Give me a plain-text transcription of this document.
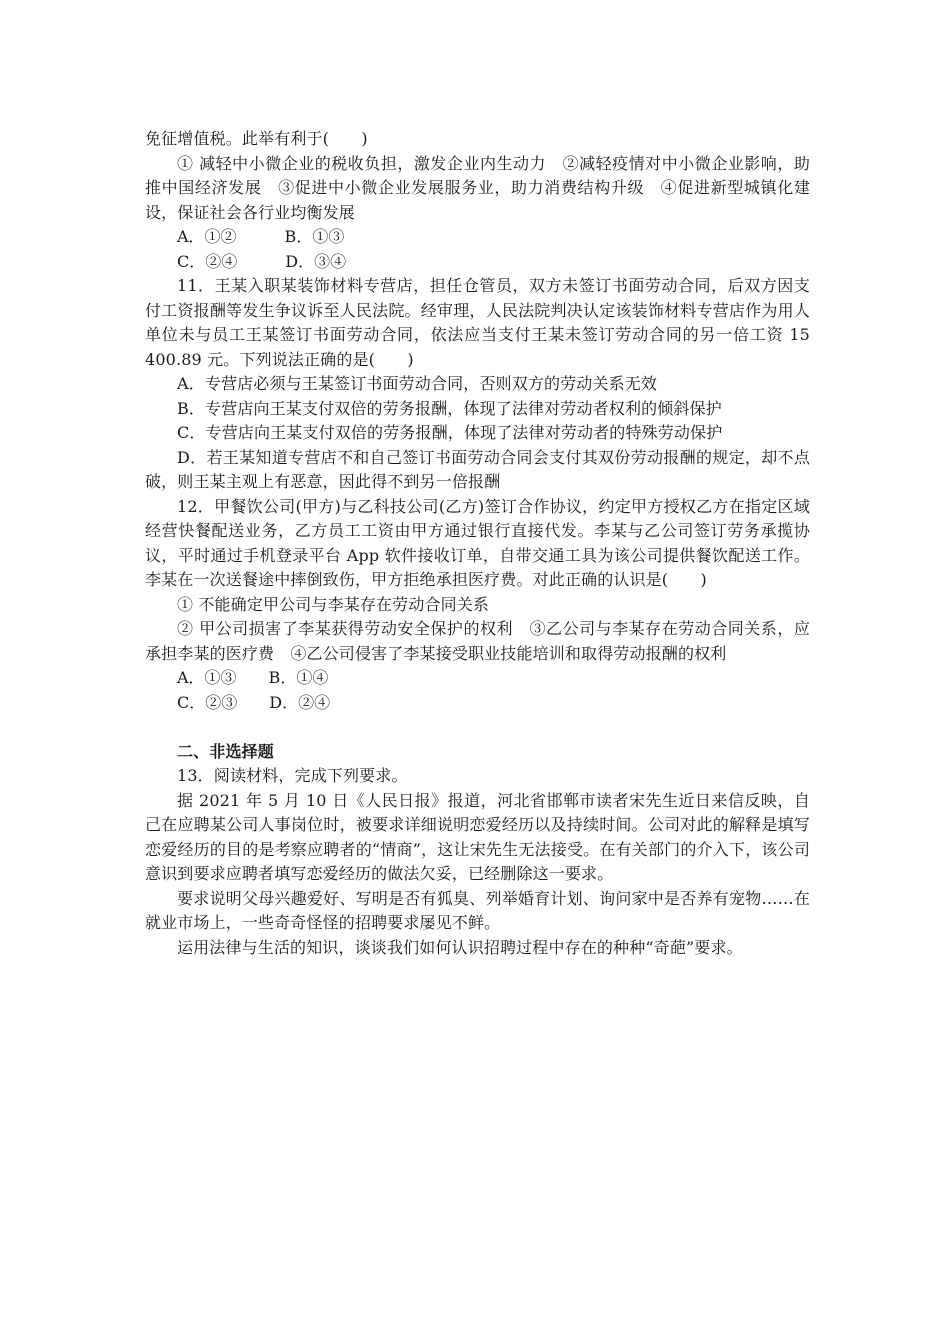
免征增值税。此举有利于(　　)

① 减轻中小微企业的税收负担，激发企业内生动力　②减轻疫情对中小微企业影响，助推中国经济发展　③促进中小微企业发展服务业，助力消费结构升级　④促进新型城镇化建设，保证社会各行业均衡发展

A．①②　　　B．①③

C．②④　　　D．③④

11．王某入职某装饰材料专营店，担任仓管员，双方未签订书面劳动合同，后双方因支付工资报酬等发生争议诉至人民法院。经审理，人民法院判决认定该装饰材料专营店作为用人单位未与员工王某签订书面劳动合同，依法应当支付王某未签订劳动合同的另一倍工资 15 400.89 元。下列说法正确的是(　　)

A．专营店必须与王某签订书面劳动合同，否则双方的劳动关系无效

B．专营店向王某支付双倍的劳务报酬，体现了法律对劳动者权利的倾斜保护

C．专营店向王某支付双倍的劳务报酬，体现了法律对劳动者的特殊劳动保护

D．若王某知道专营店不和自己签订书面劳动合同会支付其双份劳动报酬的规定，却不点破，则王某主观上有恶意，因此得不到另一倍报酬

12．甲餐饮公司(甲方)与乙科技公司(乙方)签订合作协议，约定甲方授权乙方在指定区域经营快餐配送业务，乙方员工工资由甲方通过银行直接代发。李某与乙公司签订劳务承揽协议，平时通过手机登录平台 App 软件接收订单，自带交通工具为该公司提供餐饮配送工作。李某在一次送餐途中摔倒致伤，甲方拒绝承担医疗费。对此正确的认识是(　　)

① 不能确定甲公司与李某存在劳动合同关系

② 甲公司损害了李某获得劳动安全保护的权利　③乙公司与李某存在劳动合同关系，应承担李某的医疗费　④乙公司侵害了李某接受职业技能培训和取得劳动报酬的权利

A．①③　　B．①④

C．②③　　D．②④

二、非选择题

13．阅读材料，完成下列要求。

据 2021 年 5 月 10 日《人民日报》报道，河北省邯郸市读者宋先生近日来信反映，自己在应聘某公司人事岗位时，被要求详细说明恋爱经历以及持续时间。公司对此的解释是填写恋爱经历的目的是考察应聘者的“情商”，这让宋先生无法接受。在有关部门的介入下，该公司意识到要求应聘者填写恋爱经历的做法欠妥，已经删除这一要求。

要求说明父母兴趣爱好、写明是否有狐臭、列举婚育计划、询问家中是否养有宠物……在就业市场上，一些奇奇怪怪的招聘要求屡见不鲜。

运用法律与生活的知识，谈谈我们如何认识招聘过程中存在的种种“奇葩”要求。
